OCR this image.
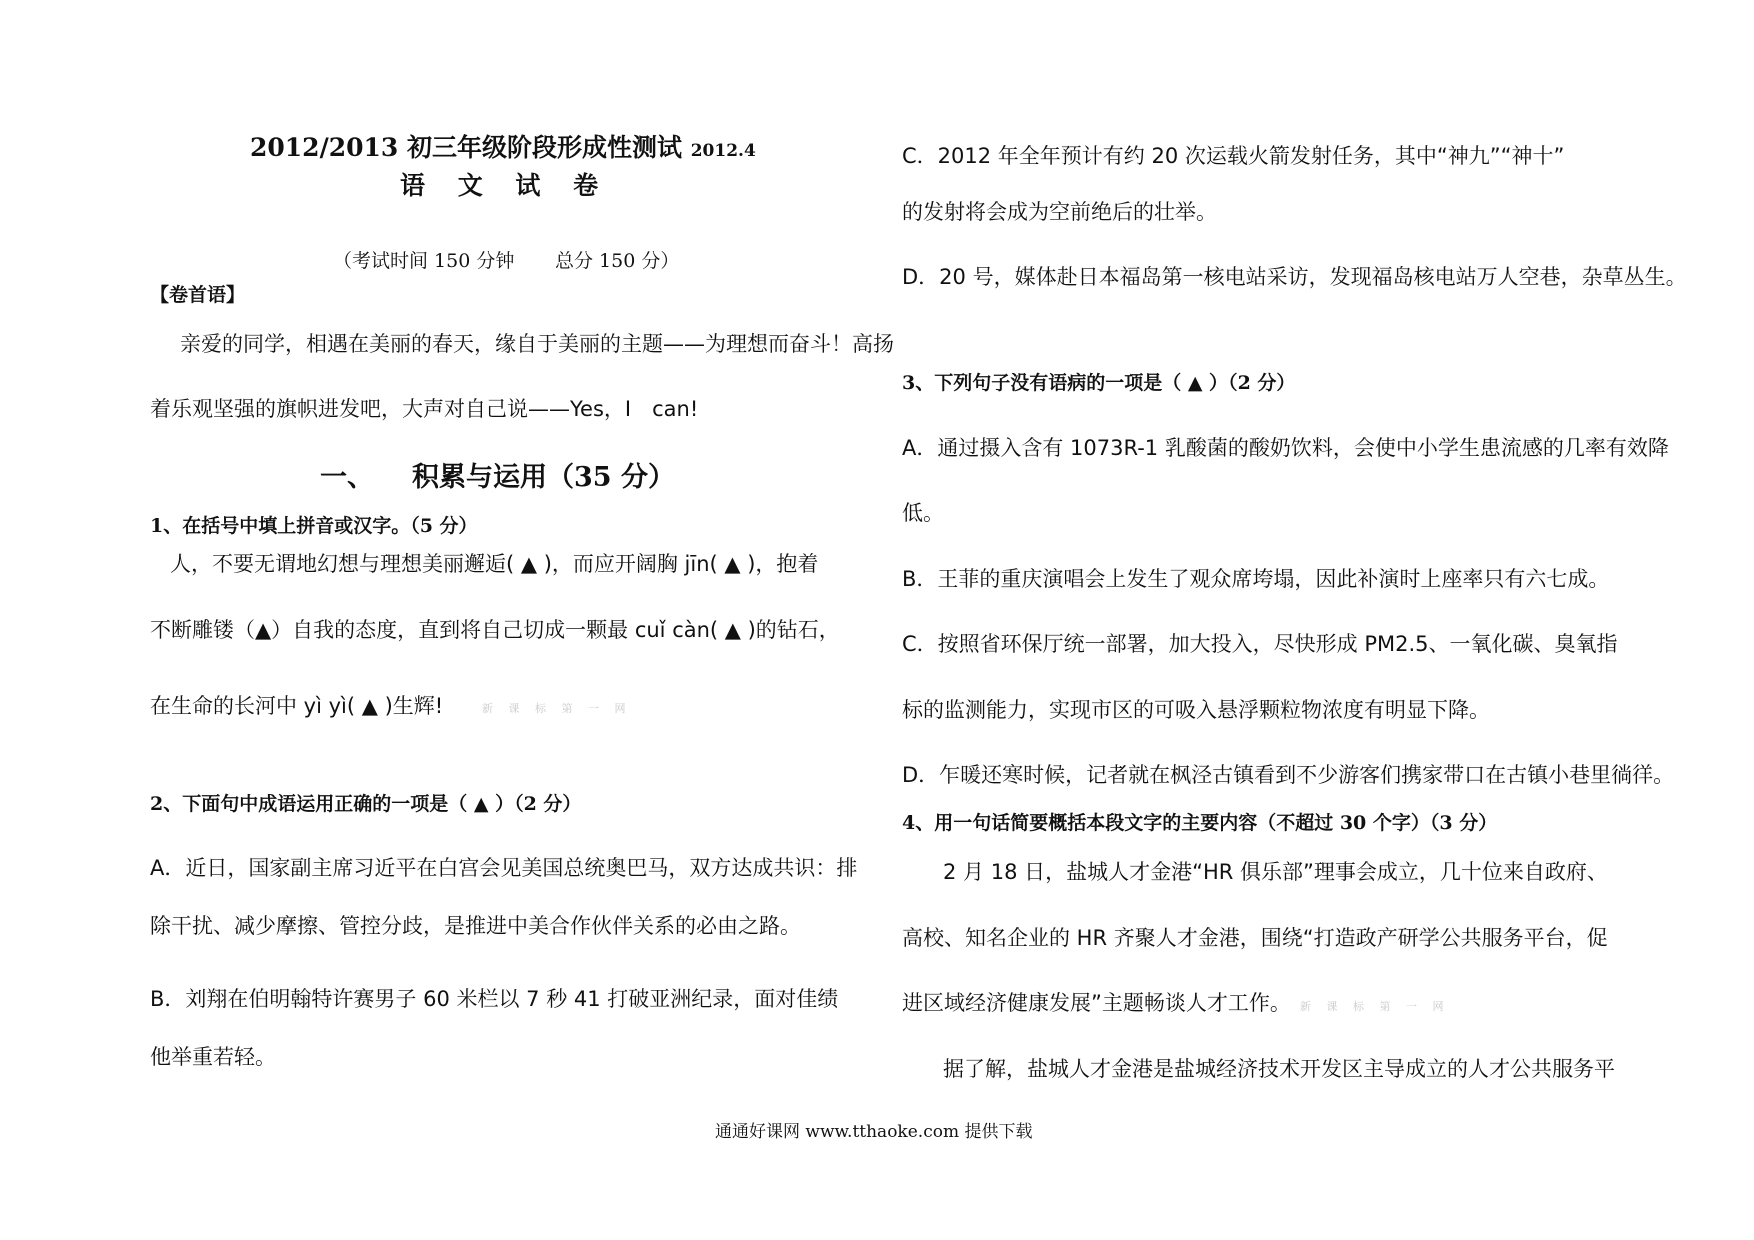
2012/2013 初三年级阶段形成性测试 2012.4
语 文 试 卷
（考试时间 150 分钟 总分 150 分）
【卷首语】
亲爱的同学，相遇在美丽的春天，缘自于美丽的主题——为理想而奋斗！高扬
着乐观坚强的旗帜进发吧，大声对自己说——Yes，I　can!
一、 积累与运用（35 分）
1、在括号中填上拼音或汉字。（5 分）
人，不要无谓地幻想与理想美丽邂逅( ▲ )，而应开阔胸 jīn( ▲ )，抱着
不断雕镂（▲）自我的态度，直到将自己切成一颗最 cuǐ càn( ▲ )的钻石，
在生命的长河中 yì yì( ▲ )生辉!	新 课 标 第 一 网
2、下面句中成语运用正确的一项是（ ▲ ）（2 分）
A．近日，国家副主席习近平在白宫会见美国总统奥巴马，双方达成共识：排
除干扰、减少摩擦、管控分歧，是推进中美合作伙伴关系的必由之路。
B．刘翔在伯明翰特许赛男子 60 米栏以 7 秒 41 打破亚洲纪录，面对佳绩
他举重若轻。
C．2012 年全年预计有约 20 次运载火箭发射任务，其中“神九”“神十”
的发射将会成为空前绝后的壮举。
D．20 号，媒体赴日本福岛第一核电站采访，发现福岛核电站万人空巷，杂草丛生。
3、下列句子没有语病的一项是（ ▲ ）（2 分）
A．通过摄入含有 1073R-1 乳酸菌的酸奶饮料，会使中小学生患流感的几率有效降
低。
B．王菲的重庆演唱会上发生了观众席垮塌，因此补演时上座率只有六七成。
C．按照省环保厅统一部署，加大投入，尽快形成 PM2.5、一氧化碳、臭氧指
标的监测能力，实现市区的可吸入悬浮颗粒物浓度有明显下降。
D．乍暖还寒时候，记者就在枫泾古镇看到不少游客们携家带口在古镇小巷里徜徉。
4、用一句话简要概括本段文字的主要内容（不超过 30 个字）（3 分）
2 月 18 日，盐城人才金港“HR 俱乐部”理事会成立，几十位来自政府、
高校、知名企业的 HR 齐聚人才金港，围绕“打造政产研学公共服务平台，促
进区域经济健康发展”主题畅谈人才工作。 新 课 标 第 一 网
据了解，盐城人才金港是盐城经济技术开发区主导成立的人才公共服务平
通通好课网 www.tthaoke.com 提供下载
